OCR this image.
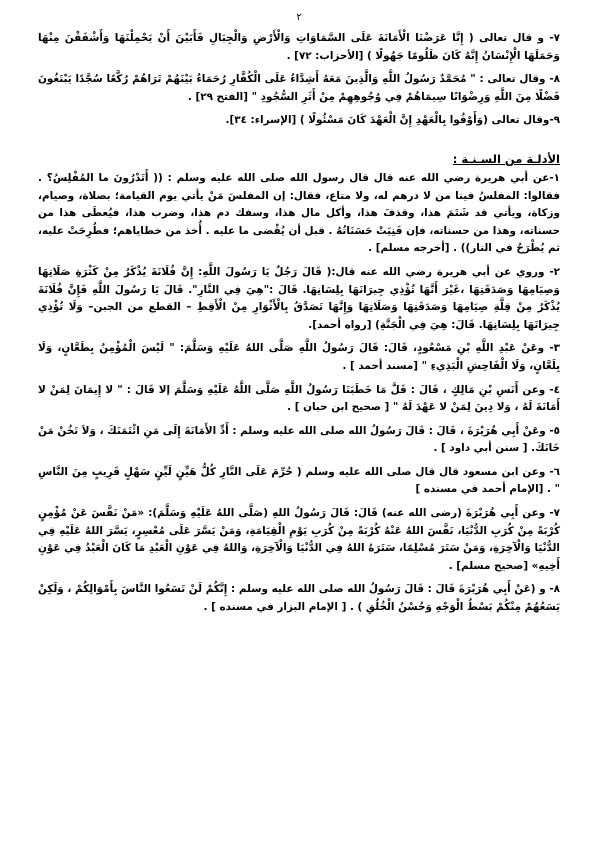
٢

٧- و قال تعالى ( إِنَّا عَرَضْنَا الْأَمَانَةَ عَلَى السَّمَاوَاتِ وَالْأَرْضِ وَالْجِبَالِ فَأَبَيْنَ أَنْ يَحْمِلْنَهَا وَأَشْفَقْنَ مِنْهَا وَحَمَلَهَا الْإِنْسَانُ إِنَّهُ كَانَ ظَلُومًا جَهُولًا ) [الأحزاب: ٧٢] .

٨- وقال تعالى : " مُحَمَّدٌ رَسُولُ اللَّهِ وَالَّذِينَ مَعَهُ أَشِدَّاءُ عَلَى الْكُفَّارِ رُحَمَاءُ بَيْنَهُمْ تَرَاهُمْ رُكَّعًا سُجَّدًا يَبْتَغُونَ فَضْلًا مِنَ اللَّهِ وَرِضْوَانًا سِيمَاهُمْ فِي وُجُوهِهِمْ مِنْ أَثَرِ السُّجُودِ " [الفتح ٢٩] .

٩-وقال تعالى (وَأَوْفُوا بِالْعَهْدِ إِنَّ الْعَهْدَ كَانَ مَسْئُولًا ) [الإسراء: ٣٤].

الأدلـة من السـنـة :

١-عن أبي هريرة رضي الله عنه قال قال رسول الله صلى الله عليه وسلم : (( أَتَدْرُونَ ما المُفْلِسُ؟ . فقالوا: المفلسُ فينا من لا درهم له، ولا متاع، فقال: إن المفلسَ مَنْ يأتي يوم القيامة؛ بصلاة، وصيام، وزكاة، ويأتي قد شَتَمَ هذا، وقذفَ هذا، وأكل مال هذا، وسفك دم هذا، وضرب هذا، فيُعطَى هذا من حسناته، وهذا من حسناته، فإن فَنِيَتْ حَسَنَاتُهُ . قبل أن يُقْضى ما عليه . أُخذ من خطاياهم؛ فطُرِحَتْ عليه، ثم يُطْرَحُ في النار)) . [أخرجه مسلم] .

٢- وروي عن أبي هريرة رضي الله عنه قال:( قَالَ رَجُلٌ يَا رَسُولَ اللَّهِ: إِنَّ فُلَانَةَ يُذْكَرُ مِنْ كَثْرَةِ صَلَاتِهَا وَصِيَامِهَا وَصَدَقَتِهَا ،غَيْرَ أَنَّهَا تُؤْذِي جِيرَانَهَا بِلِسَانِهَا. قَالَ :"هِيَ فِي النَّارِ". قَالَ يَا رَسُولَ اللَّهِ فَإِنَّ فُلَانَةَ يُذْكَرُ مِنْ قِلَّةِ صِيَامِهَا وَصَدَقَتِهَا وَصَلَاتِهَا وَإِنَّهَا تَصَدَّقُ بِالْأَثْوَارِ مِنْ الْأَقِطِ – القطع من الجبن– وَلَا تُؤْذِي جِيرَانَهَا بِلِسَانِهَا. قَالَ: هِيَ فِي الْجَنَّةِ) [رواه أحمد].

٣- وعَنْ عَبْدِ اللَّهِ بْنِ مَسْعُودٍ، قَالَ: قَالَ رَسُولُ اللَّهِ صَلَّى اللهُ عَلَيْهِ وَسَلَّمَ: " لَيْسَ الْمُؤْمِنُ بِطَعَّانٍ، وَلَا بِلَعَّانٍ، وَلَا الْفَاحِشِ الْبَذِيءِ " [مسند أحمد ] .

٤- وعن أَنَسِ بْنِ مَالِكٍ ، قَالَ : قَلَّ مَا خَطَبَنَا رَسُولُ اللَّهِ صَلَّى اللَّهُ عَلَيْهِ وَسَلَّمَ إلا قَالَ : " لا إِيمَانَ لِمَنْ لا أَمَانَةَ لَهُ ، وَلا دِينَ لِمَنْ لا عَهْدَ لَهُ " [ صحيح ابن حبان ] .

٥- وعَنْ أَبِي هُرَيْرَةَ ، قَالَ : قَالَ رَسُولُ الله صلى الله عليه وسلم : أَدِّ الأَمَانَةَ إِلَى مَنِ ائْتَمَنَكَ ، وَلاَ تَخُنْ مَنْ خَانَكَ. [ سنن أبي داود ] .

٦- وعن ابن مسعود قال قال صلى الله عليه وسلم ( حُرِّمَ عَلَى النَّارِ كُلُّ هَيِّنٍ لَيِّنٍ سَهْلٍ قَرِيبٍ مِنَ النَّاسِ " . [الإمام أحمد في مسنده ]

٧- وعن أَبِي هُرَيْرَةَ (رضى الله عنه) قَالَ: قَالَ رَسُولُ اللهِ (صَلَّى اللهُ عَلَيْهِ وَسَلَّمَ): «مَنْ نَفَّسَ عَنْ مُؤْمِنٍ كُرْبَةً مِنْ كُرَبِ الدُّنْيَا، نَفَّسَ اللهُ عَنْهُ كُرْبَةً مِنْ كُرَبِ يَوْمِ الْقِيَامَةِ، وَمَنْ يَسَّرَ عَلَى مُعْسِرٍ، يَسَّرَ اللهُ عَلَيْهِ فِي الدُّنْيَا وَالْآخِرَةِ، وَمَنْ سَتَرَ مُسْلِمًا، سَتَرَهُ اللهُ فِي الدُّنْيَا وَالْآخِرَةِ، وَاللهُ فِي عَوْنِ الْعَبْدِ مَا كَانَ الْعَبْدُ فِي عَوْنِ أَخِيهِ» [صحيح مسلم] .

٨- و (عَنْ أَبِي هُرَيْرَةَ قَالَ : قَالَ رَسُولُ الله صلى الله عليه وسلم : إِنَّكُمْ لَنْ تَسَعُوا النَّاسَ بِأَمْوَالِكُمْ ، وَلَكِنْ يَسَعُهُمْ مِنْكُمْ بَسْطُ الْوَجْهِ وَحُسْنُ الْخُلُقِ ) . [ الإمام البزار في مسنده ] .
